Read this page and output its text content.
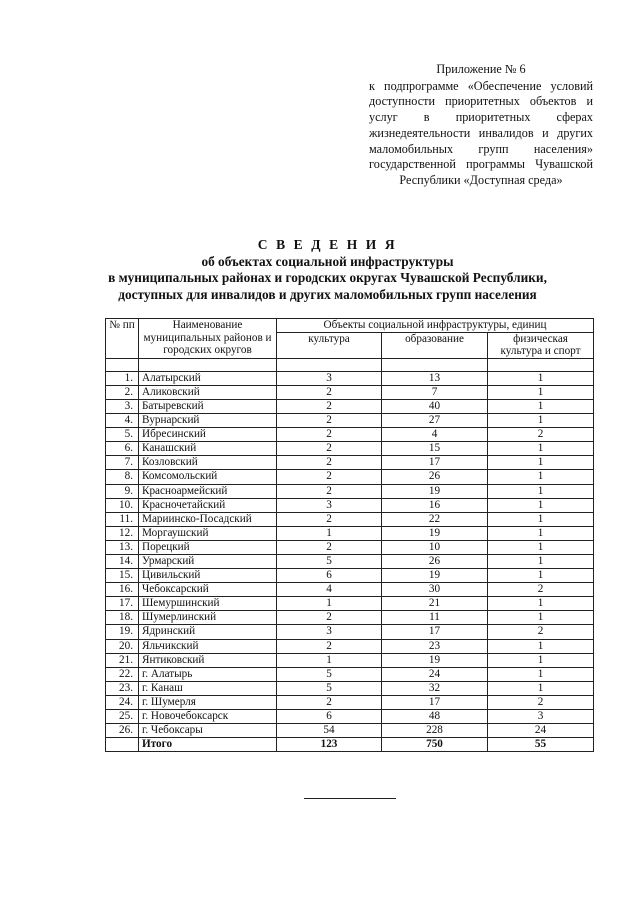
Приложение № 6
к подпрограмме «Обеспечение условий доступности приоритетных объектов и услуг в приоритетных сферах жизнедеятельности инвалидов и других маломобильных групп населения» государственной программы Чувашской Республики «Доступная среда»
С В Е Д Е Н И Я
об объектах социальной инфраструктуры
в муниципальных районах и городских округах Чувашской Республики,
доступных для инвалидов и других маломобильных групп населения
№ пп	Наименование муниципальных районов и городских округов	Объекты социальной инфраструктуры, единиц		
		культура	образование	физическая культура и спорт

1.	Алатырский	3	13	1
2.	Аликовский	2	7	1
3.	Батыревский	2	40	1
4.	Вурнарский	2	27	1
5.	Ибресинский	2	4	2
6.	Канашский	2	15	1
7.	Козловский	2	17	1
8.	Комсомольский	2	26	1
9.	Красноармейский	2	19	1
10.	Красночетайский	3	16	1
11.	Мариинско-Посадский	2	22	1
12.	Моргаушский	1	19	1
13.	Порецкий	2	10	1
14.	Урмарский	5	26	1
15.	Цивильский	6	19	1
16.	Чебоксарский	4	30	2
17.	Шемуршинский	1	21	1
18.	Шумерлинский	2	11	1
19.	Ядринский	3	17	2
20.	Яльчикский	2	23	1
21.	Янтиковский	1	19	1
22.	г. Алатырь	5	24	1
23.	г. Канаш	5	32	1
24.	г. Шумерля	2	17	2
25.	г. Новочебоксарск	6	48	3
26.	г. Чебоксары	54	228	24
	Итого	123	750	55
